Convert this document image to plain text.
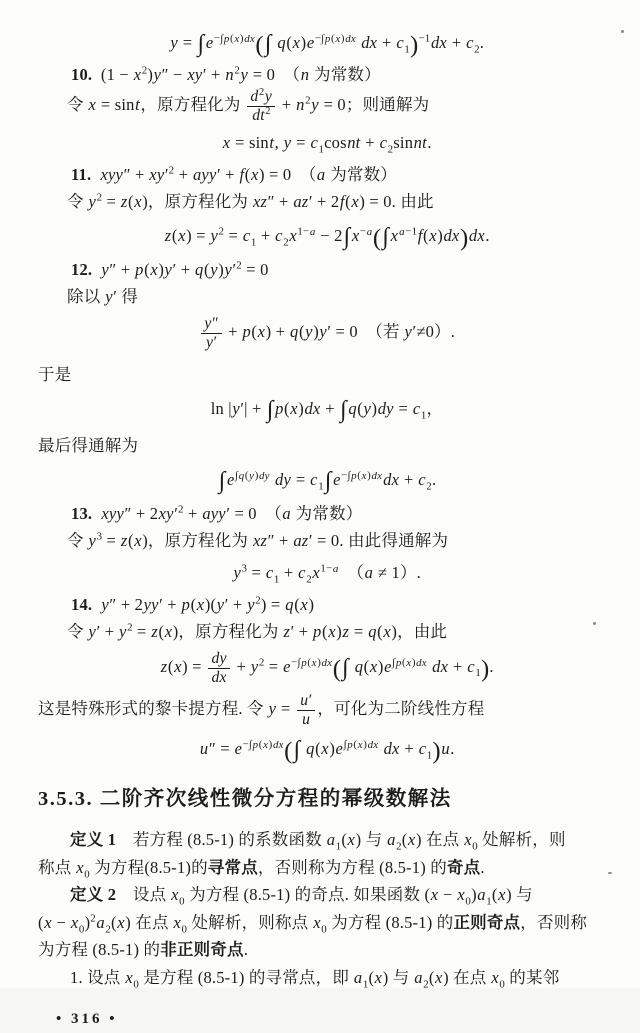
$y = \int e^{-\int p(x)dx}(\int$ $q(x)e^{-\int p(x)dx}$ dx + $c_1)^{-1}dx + c_2$.
10.  $(1 - x^2)y'' - xy' + n^2y = 0$　（n 为常数）
令 x = sint，原方程化为 $\frac{d^2y}{dt^2} + n^2y = 0$；则通解为
x = sint, $y = c_1cosnt$ + $c_2sinnt$.
11. $xyy'' + xy'^2 + ayy' + f(x) = 0$　（a 为常数）
令 $y^2 = z(x)$，原方程化为 xz″ + az′ + 2f(x) = 0. 由此
$z(x) = y^2 = c_1 + c_2x^{1-a} - 2\int x^{-a}(\int x^{a-1}f(x)dx)dx$.
12. $y'' + p(x)y' + q(y)y'^2 = 0$
除以 y′ 得
$\frac{y''}{y'} + p(x) + q(y)y' = 0$　（若 y′≠0）.
于是
$\ln |y'| + \int p(x)dx + \int q(y)dy = c_1$，
最后得通解为
$\int e^{\int q(y)dy}$ dy = $c_1\int e^{-\int p(x)dx}dx + c_2$.
13. $xyy'' + 2xy'^2 + ayy' = 0$　（a 为常数）
令 $y^3 = z(x)$，原方程化为 xz″ + az′ = 0. 由此得通解为
$y^3 = c_1 + c_2x^{1-a}$　（a ≠ 1）.
14. $y'' + 2yy' + p(x)(y' + y^2) = q(x)$
令 $y' + y^2 = z(x)$，原方程化为 z′ + p(x)z = q(x)，由此
$z(x) = \frac{dy}{dx} + y^2 = e^{-\int p(x)dx}(\int$ $q(x)e^{\int p(x)dx}$ dx + $c_1$).
这是特殊形式的黎卡提方程. 令 $y = \frac{u'}{u}$ ，可化为二阶线性方程
$u'' = e^{-\int p(x)dx}(\int$ $q(x)e^{\int p(x)dx}$ dx + $c_1)u$.
3.5.3. 二阶齐次线性微分方程的幂级数解法
定义 1　若方程 (8.5-1) 的系数函数 $a_1(x)$ 与 $a_2(x)$ 在点 $x_0$ 处解析，则
称点 $x_0$ 为方程(8.5-1)的寻常点，否则称为方程 (8.5-1) 的奇点.
定义 2　设点 $x_0$ 为方程 (8.5-1) 的奇点. 如果函数 $(x - x_0)a_1(x)$ 与
$(x - x_0)^2a_2(x)$ 在点 $x_0$ 处解析，则称点 $x_0$ 为方程 (8.5-1) 的正则奇点，否则称
为方程 (8.5-1) 的非正则奇点.
1. 设点 $x_0$ 是方程 (8.5-1) 的寻常点，即 $a_1(x)$ 与 $a_2(x)$ 在点 $x_0$ 的某邻
• 316 •
